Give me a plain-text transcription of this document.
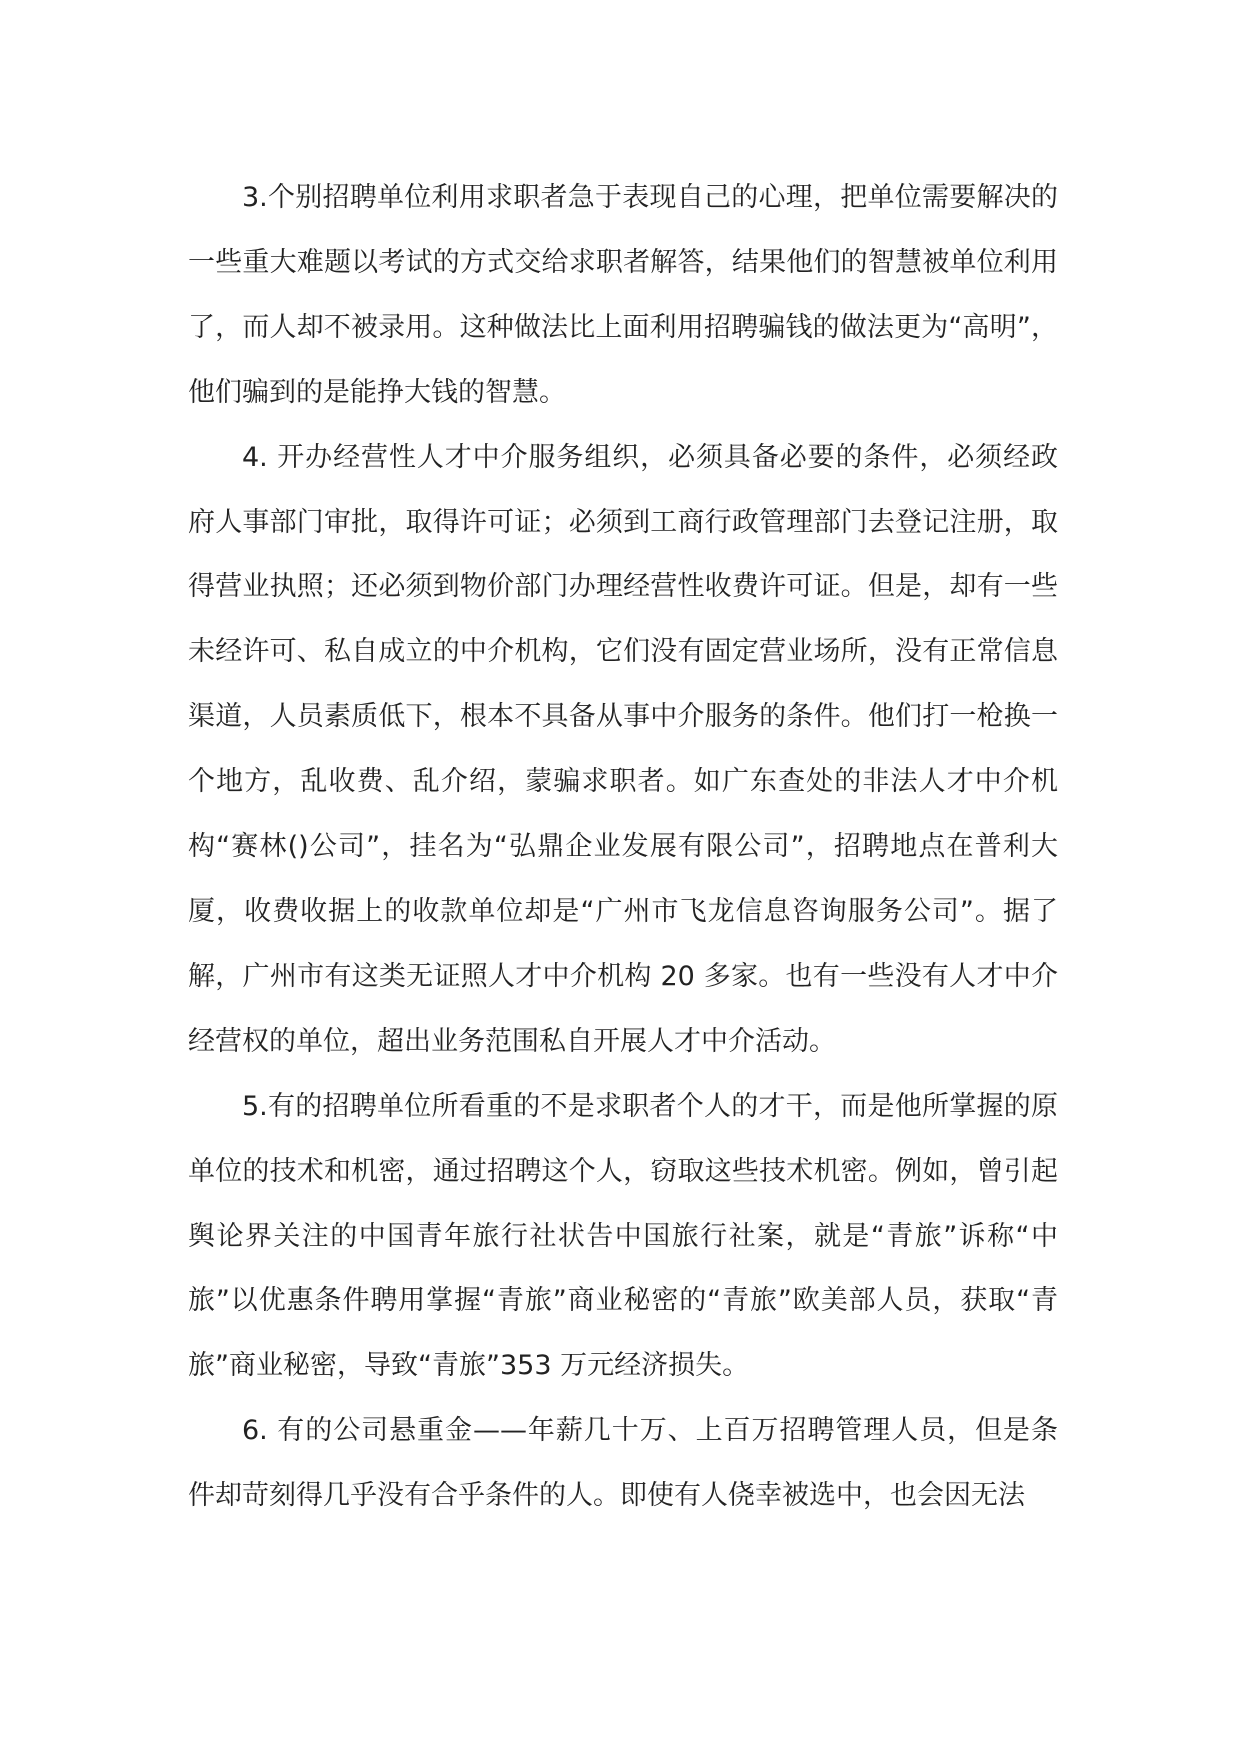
3.个别招聘单位利用求职者急于表现自己的心理，把单位需要解决的一些重大难题以考试的方式交给求职者解答，结果他们的智慧被单位利用了，而人却不被录用。这种做法比上面利用招聘骗钱的做法更为“高明”，他们骗到的是能挣大钱的智慧。

4. 开办经营性人才中介服务组织，必须具备必要的条件，必须经政府人事部门审批，取得许可证；必须到工商行政管理部门去登记注册，取得营业执照；还必须到物价部门办理经营性收费许可证。但是，却有一些未经许可、私自成立的中介机构，它们没有固定营业场所，没有正常信息渠道，人员素质低下，根本不具备从事中介服务的条件。他们打一枪换一个地方，乱收费、乱介绍，蒙骗求职者。如广东查处的非法人才中介机构“赛林()公司”，挂名为“弘鼎企业发展有限公司”，招聘地点在普利大厦，收费收据上的收款单位却是“广州市飞龙信息咨询服务公司”。据了解，广州市有这类无证照人才中介机构 20 多家。也有一些没有人才中介经营权的单位，超出业务范围私自开展人才中介活动。

5.有的招聘单位所看重的不是求职者个人的才干，而是他所掌握的原单位的技术和机密，通过招聘这个人，窃取这些技术机密。例如，曾引起舆论界关注的中国青年旅行社状告中国旅行社案，就是“青旅”诉称“中旅”以优惠条件聘用掌握“青旅”商业秘密的“青旅”欧美部人员，获取“青旅”商业秘密，导致“青旅”353 万元经济损失。

6. 有的公司悬重金——年薪几十万、上百万招聘管理人员，但是条件却苛刻得几乎没有合乎条件的人。即使有人侥幸被选中，也会因无法
